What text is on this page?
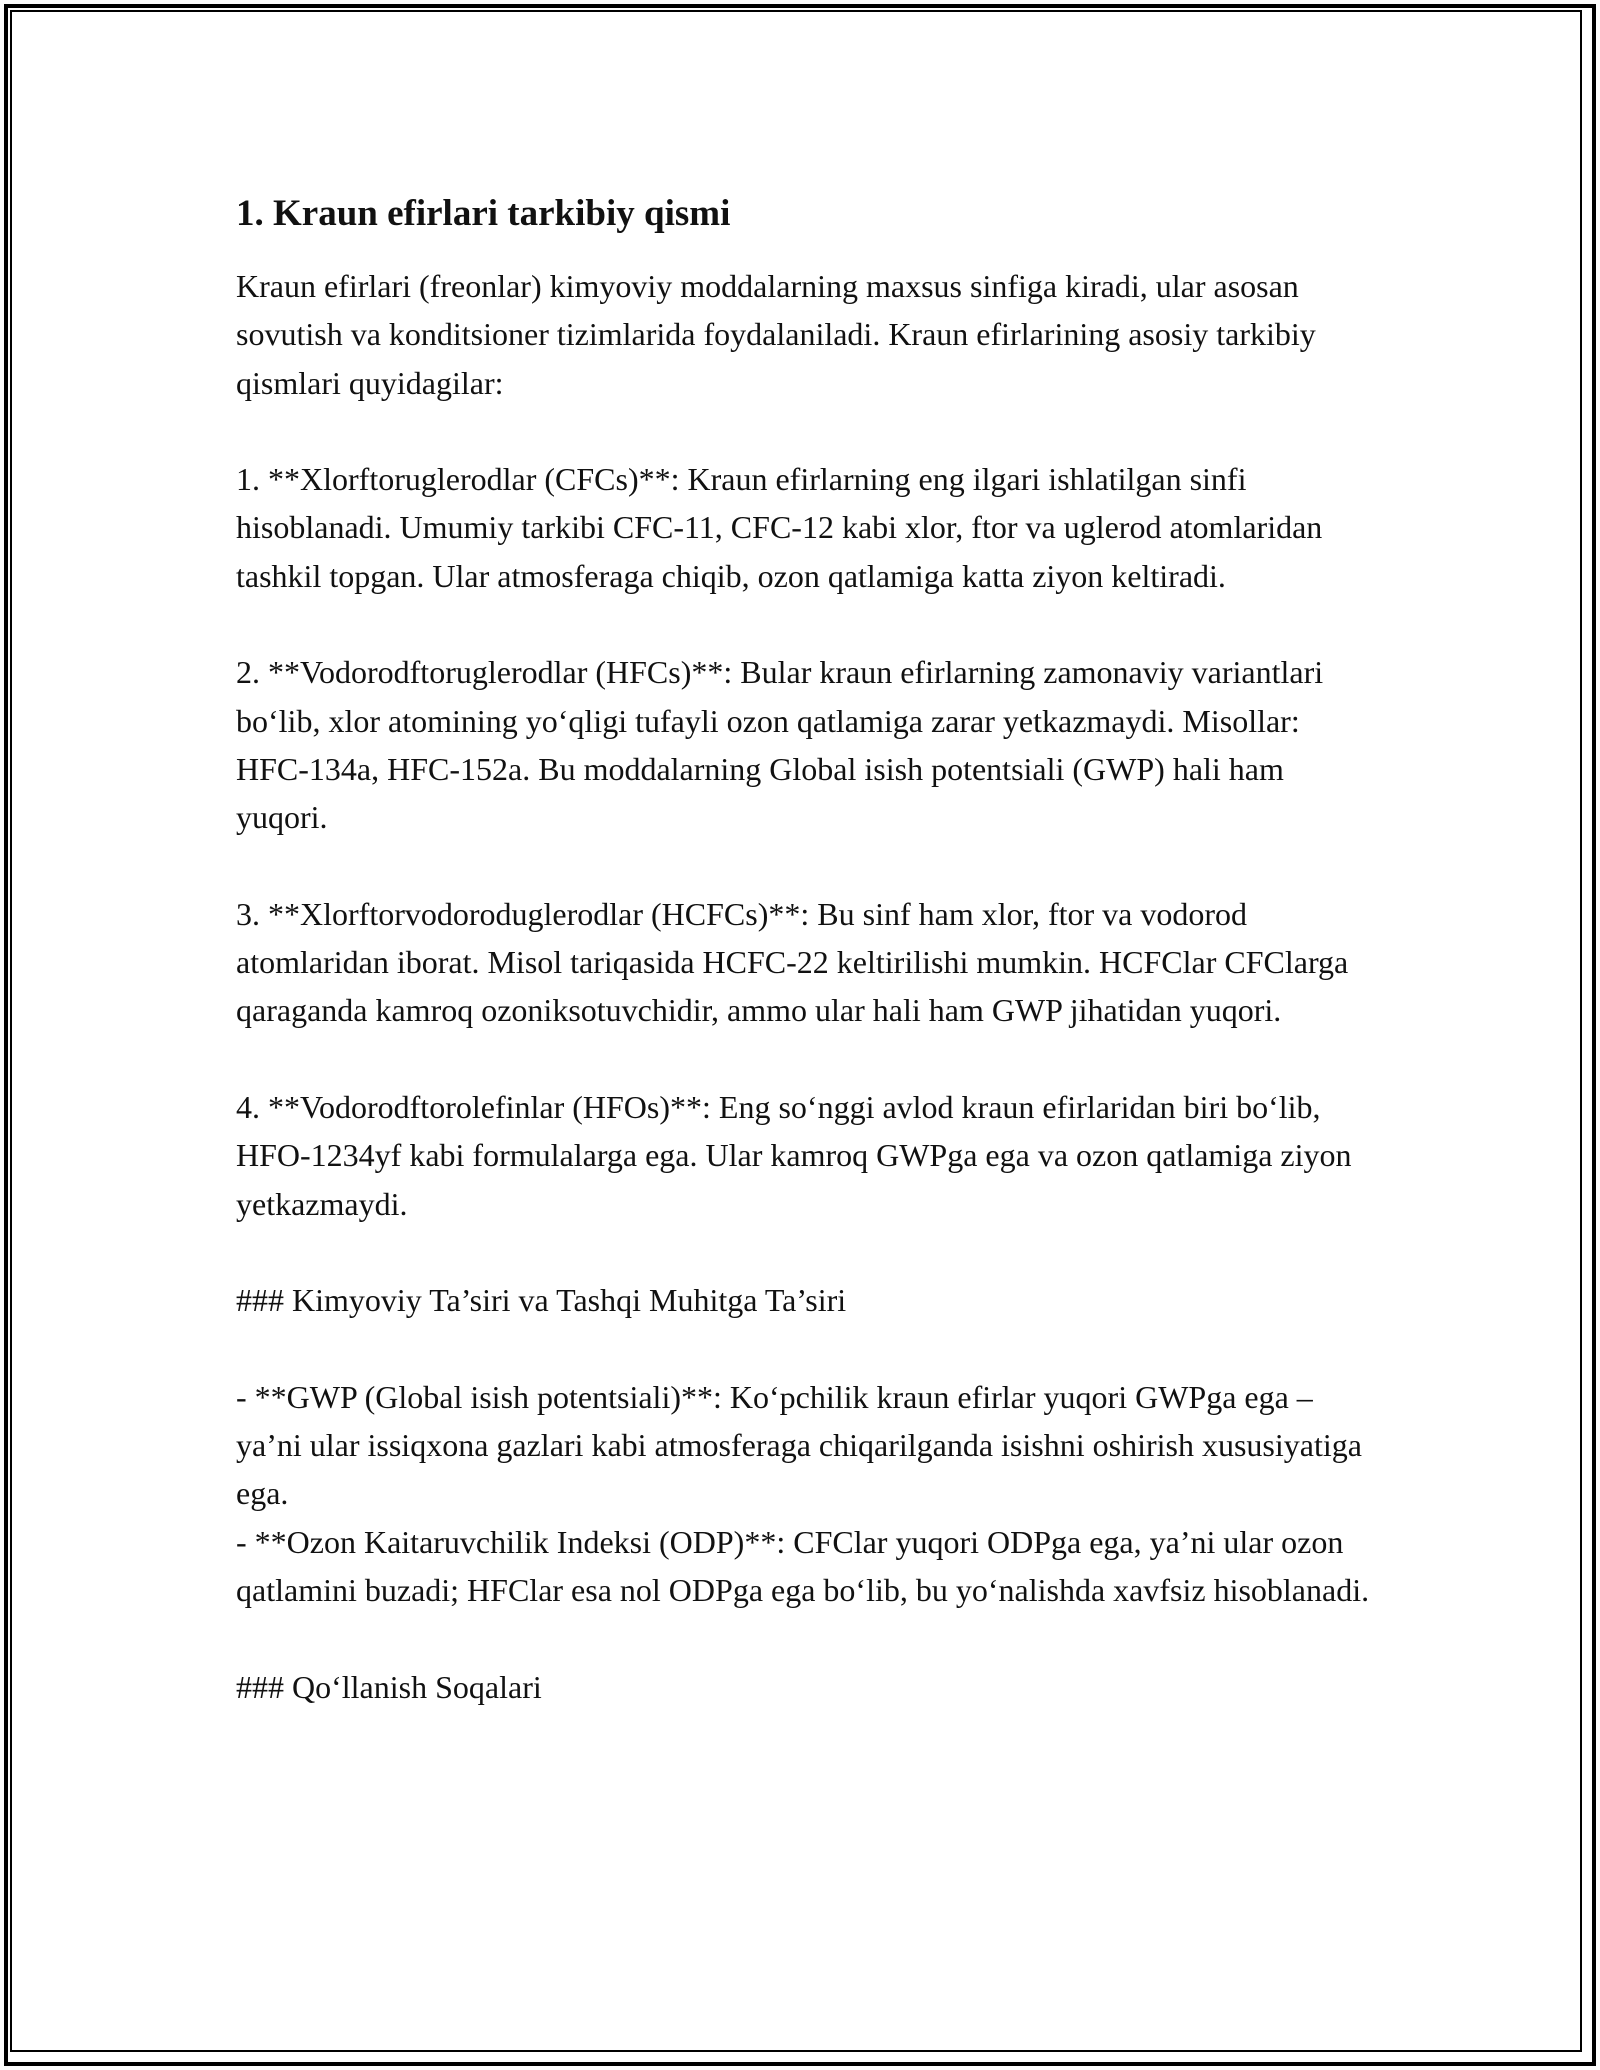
1. Kraun efirlari tarkibiy qismi
Kraun efirlari (freonlar) kimyoviy moddalarning maxsus sinfiga kiradi, ular asosan sovutish va konditsioner tizimlarida foydalaniladi. Kraun efirlarining asosiy tarkibiy qismlari quyidagilar:
1. **Xlorftoruglerodlar (CFCs)**: Kraun efirlarning eng ilgari ishlatilgan sinfi hisoblanadi. Umumiy tarkibi CFC-11, CFC-12 kabi xlor, ftor va uglerod atomlaridan tashkil topgan. Ular atmosferaga chiqib, ozon qatlamiga katta ziyon keltiradi.
2. **Vodorodftoruglerodlar (HFCs)**: Bular kraun efirlarning zamonaviy variantlari bo‘lib, xlor atomining yo‘qligi tufayli ozon qatlamiga zarar yetkazmaydi. Misollar: HFC-134a, HFC-152a. Bu moddalarning Global isish potentsiali (GWP) hali ham yuqori.
3. **Xlorftorvodoroduglerodlar (HCFCs)**: Bu sinf ham xlor, ftor va vodorod atomlaridan iborat. Misol tariqasida HCFC-22 keltirilishi mumkin. HCFClar CFClarga qaraganda kamroq ozoniksotuvchidir, ammo ular hali ham GWP jihatidan yuqori.
4. **Vodorodftorolefinlar (HFOs)**: Eng so‘nggi avlod kraun efirlaridan biri bo‘lib, HFO-1234yf kabi formulalarga ega. Ular kamroq GWPga ega va ozon qatlamiga ziyon yetkazmaydi.
### Kimyoviy Ta’siri va Tashqi Muhitga Ta’siri
- **GWP (Global isish potentsiali)**: Ko‘pchilik kraun efirlar yuqori GWPga ega – ya’ni ular issiqxona gazlari kabi atmosferaga chiqarilganda isishni oshirish xususiyatiga ega.
- **Ozon Kaitaruvchilik Indeksi (ODP)**: CFClar yuqori ODPga ega, ya’ni ular ozon qatlamini buzadi; HFClar esa nol ODPga ega bo‘lib, bu yo‘nalishda xavfsiz hisoblanadi.
### Qo‘llanish Soqalari
